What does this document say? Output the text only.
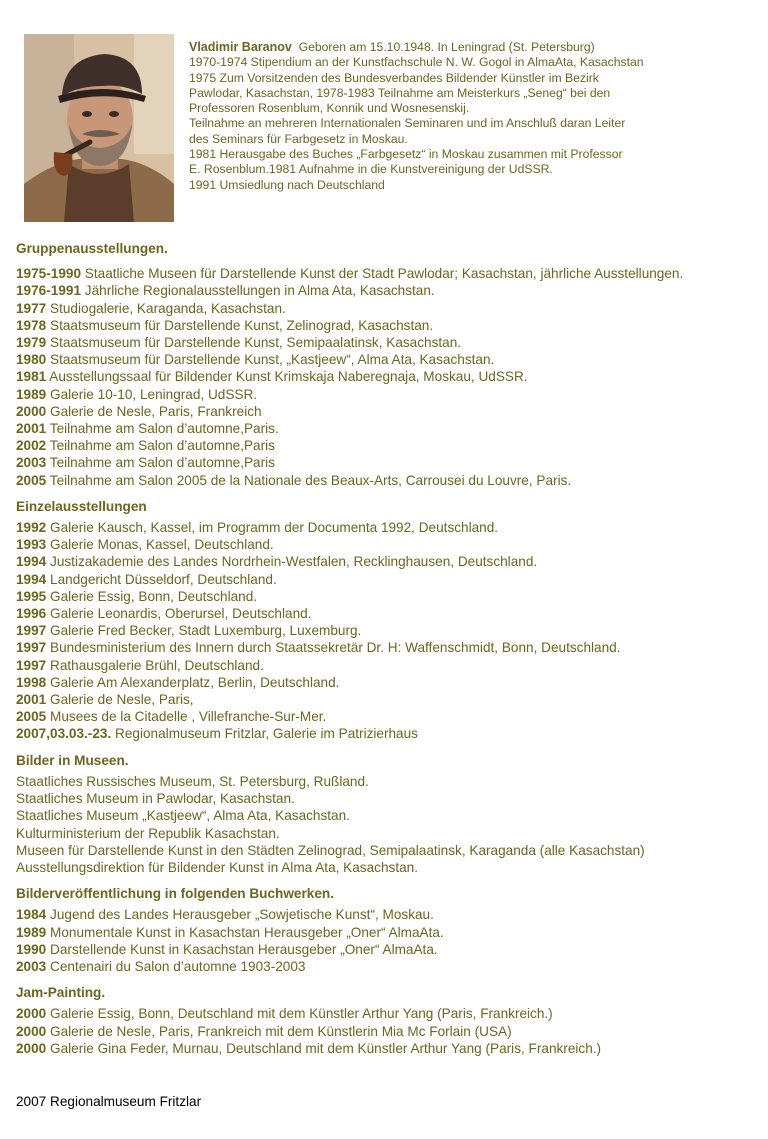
Vladimir Baranov Geboren am 15.10.1948. In Leningrad (St. Petersburg)
1970-1974 Stipendium an der Kunstfachschule N. W. Gogol in AlmaAta, Kasachstan
1975 Zum Vorsitzenden des Bundesverbandes Bildender Künstler im Bezirk
Pawlodar, Kasachstan, 1978-1983 Teilnahme am Meisterkurs „Seneg“ bei den
Professoren Rosenblum, Konnik und Wosnesenskij.
Teilnahme an mehreren Internationalen Seminaren und im Anschluß daran Leiter
des Seminars für Farbgesetz in Moskau.
1981 Herausgabe des Buches „Farbgesetz“ in Moskau zusammen mit Professor
E. Rosenblum.1981 Aufnahme in die Kunstvereinigung der UdSSR.
1991 Umsiedlung nach Deutschland

Gruppenausstellungen.

1975-1990 Staatliche Museen für Darstellende Kunst der Stadt Pawlodar; Kasachstan, jährliche Ausstellungen.
1976-1991 Jährliche Regionalausstellungen in Alma Ata, Kasachstan.
1977 Studiogalerie, Karaganda, Kasachstan.
1978 Staatsmuseum für Darstellende Kunst, Zelinograd, Kasachstan.
1979 Staatsmuseum für Darstellende Kunst, Semipaalatinsk, Kasachstan.
1980 Staatsmuseum für Darstellende Kunst, „Kastjeew“, Alma Ata, Kasachstan.
1981 Ausstellungssaal für Bildender Kunst Krimskaja Naberegnaja, Moskau, UdSSR.
1989 Galerie 10-10, Leningrad, UdSSR.
2000 Galerie de Nesle, Paris, Frankreich
2001 Teilnahme am Salon d’automne,Paris.
2002 Teilnahme am Salon d’automne,Paris
2003 Teilnahme am Salon d’automne,Paris
2005 Teilnahme am Salon 2005 de la Nationale des Beaux-Arts, Carrousei du Louvre, Paris.

Einzelausstellungen

1992 Galerie Kausch, Kassel, im Programm der Documenta 1992, Deutschland.
1993 Galerie Monas, Kassel, Deutschland.
1994 Justizakademie des Landes Nordrhein-Westfalen, Recklinghausen, Deutschland.
1994 Landgericht Düsseldorf, Deutschland.
1995 Galerie Essig, Bonn, Deutschland.
1996 Galerie Leonardis, Oberursel, Deutschland.
1997 Galerie Fred Becker, Stadt Luxemburg, Luxemburg.
1997 Bundesministerium des Innern durch Staatssekretär Dr. H: Waffenschmidt, Bonn, Deutschland.
1997 Rathausgalerie Brühl, Deutschland.
1998 Galerie Am Alexanderplatz, Berlin, Deutschland.
2001 Galerie de Nesle, Paris,
2005 Musees de la Citadelle , Villefranche-Sur-Mer.
2007,03.03.-23. Regionalmuseum Fritzlar, Galerie im Patrizierhaus

Bilder in Museen.

Staatliches Russisches Museum, St. Petersburg, Rußland.
Staatliches Museum in Pawlodar, Kasachstan.
Staatliches Museum „Kastjeew“, Alma Ata, Kasachstan.
Kulturministerium der Republik Kasachstan.
Museen für Darstellende Kunst in den Städten Zelinograd, Semipalaatinsk, Karaganda (alle Kasachstan)
Ausstellungsdirektion für Bildender Kunst in Alma Ata, Kasachstan.

Bilderveröffentlichung in folgenden Buchwerken.

1984 Jugend des Landes Herausgeber „Sowjetische Kunst“, Moskau.
1989 Monumentale Kunst in Kasachstan Herausgeber „Oner“ AlmaAta.
1990 Darstellende Kunst in Kasachstan Herausgeber „Oner“ AlmaAta.
2003 Centenairi du Salon d’automne 1903-2003

Jam-Painting.

2000 Galerie Essig, Bonn, Deutschland mit dem Künstler Arthur Yang (Paris, Frankreich.)
2000 Galerie de Nesle, Paris, Frankreich mit dem Künstlerin Mia Mc Forlain (USA)
2000 Galerie Gina Feder, Murnau, Deutschland mit dem Künstler Arthur Yang (Paris, Frankreich.)
2007 Regionalmuseum Fritzlar
